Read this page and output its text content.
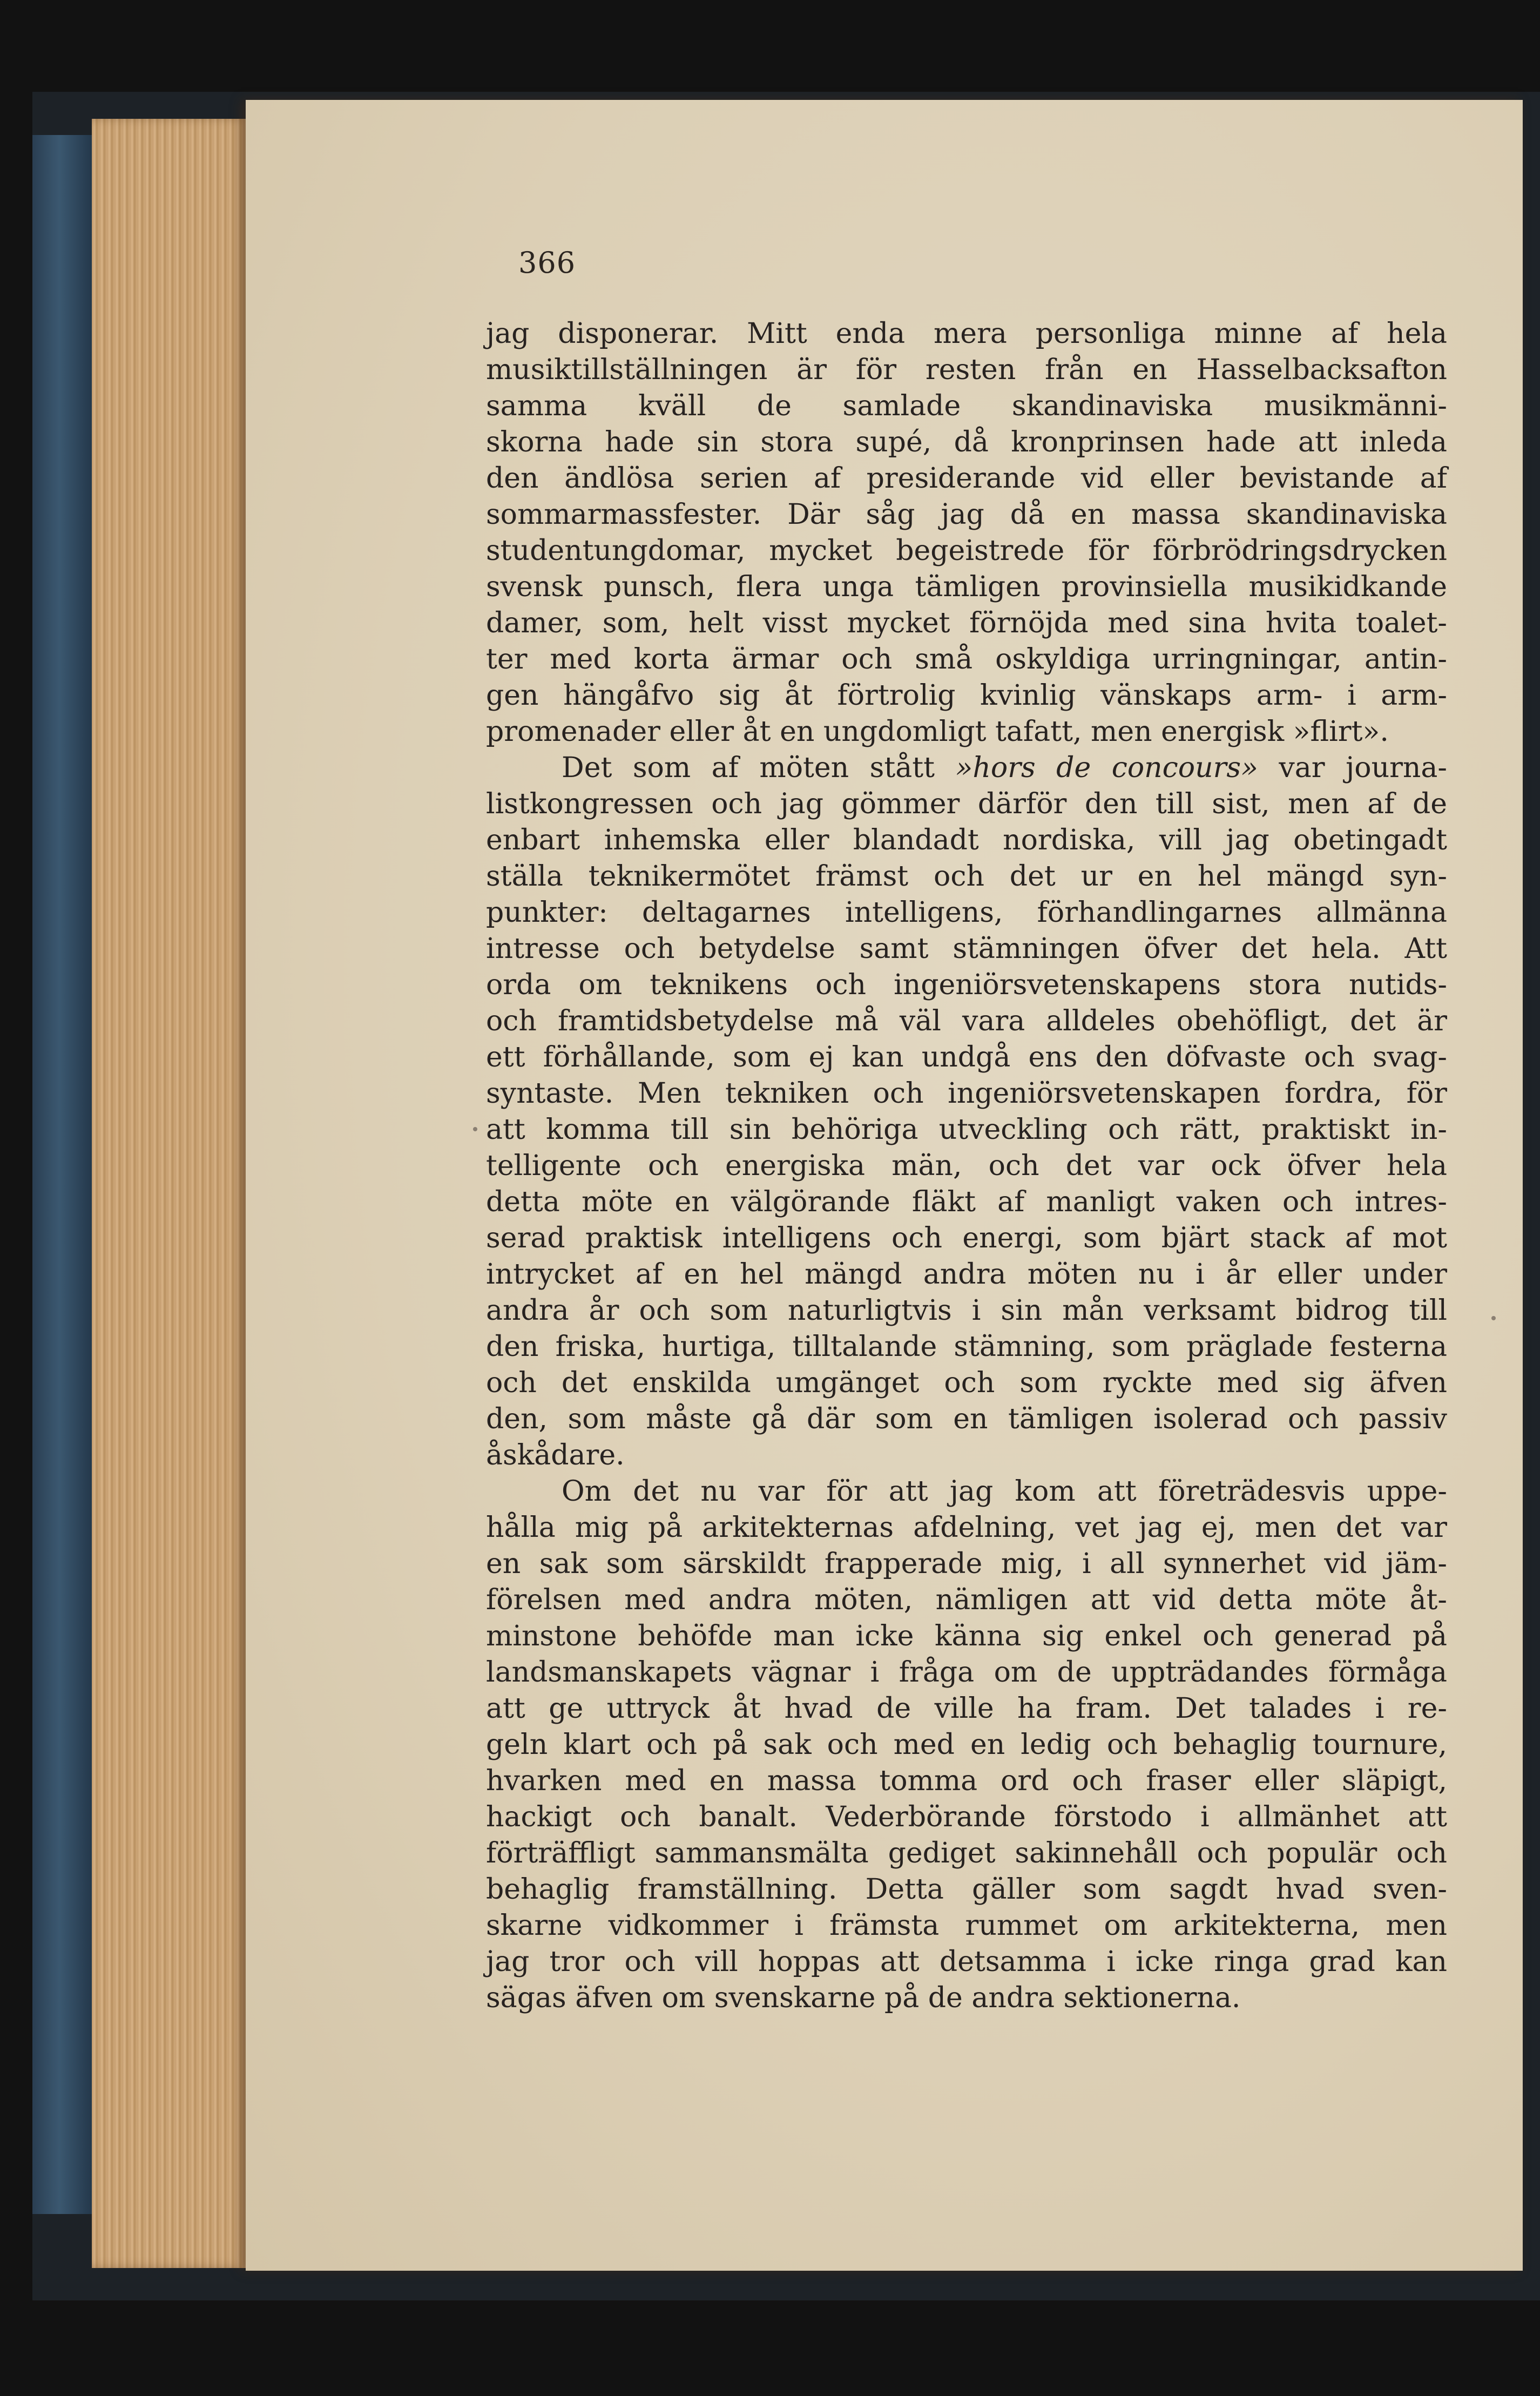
366
jag disponerar. Mitt enda mera personliga minne af hela
musiktillställningen är för resten från en Hasselbacksafton
samma kväll de samlade skandinaviska musikmänni-
skorna hade sin stora supé, då kronprinsen hade att inleda
den ändlösa serien af presiderande vid eller bevistande af
sommarmassfester. Där såg jag då en massa skandinaviska
studentungdomar, mycket begeistrede för förbrödringsdrycken
svensk punsch, flera unga tämligen provinsiella musikidkande
damer, som, helt visst mycket förnöjda med sina hvita toalet-
ter med korta ärmar och små oskyldiga urringningar, antin-
gen hängåfvo sig åt förtrolig kvinlig vänskaps arm- i arm-
promenader eller åt en ungdomligt tafatt, men energisk »flirt».
Det som af möten stått »hors de concours» var journa-
listkongressen och jag gömmer därför den till sist, men af de
enbart inhemska eller blandadt nordiska, vill jag obetingadt
ställa teknikermötet främst och det ur en hel mängd syn-
punkter: deltagarnes intelligens, förhandlingarnes allmänna
intresse och betydelse samt stämningen öfver det hela. Att
orda om teknikens och ingeniörsvetenskapens stora nutids-
och framtidsbetydelse må väl vara alldeles obehöfligt, det är
ett förhållande, som ej kan undgå ens den döfvaste och svag-
syntaste. Men tekniken och ingeniörsvetenskapen fordra, för
att komma till sin behöriga utveckling och rätt, praktiskt in-
telligente och energiska män, och det var ock öfver hela
detta möte en välgörande fläkt af manligt vaken och intres-
serad praktisk intelligens och energi, som bjärt stack af mot
intrycket af en hel mängd andra möten nu i år eller under
andra år och som naturligtvis i sin mån verksamt bidrog till
den friska, hurtiga, tilltalande stämning, som präglade festerna
och det enskilda umgänget och som ryckte med sig äfven
den, som måste gå där som en tämligen isolerad och passiv
åskådare.
Om det nu var för att jag kom att företrädesvis uppe-
hålla mig på arkitekternas afdelning, vet jag ej, men det var
en sak som särskildt frapperade mig, i all synnerhet vid jäm-
förelsen med andra möten, nämligen att vid detta möte åt-
minstone behöfde man icke känna sig enkel och generad på
landsmanskapets vägnar i fråga om de uppträdandes förmåga
att ge uttryck åt hvad de ville ha fram. Det talades i re-
geln klart och på sak och med en ledig och behaglig tournure,
hvarken med en massa tomma ord och fraser eller släpigt,
hackigt och banalt. Vederbörande förstodo i allmänhet att
förträffligt sammansmälta gediget sakinnehåll och populär och
behaglig framställning. Detta gäller som sagdt hvad sven-
skarne vidkommer i främsta rummet om arkitekterna, men
jag tror och vill hoppas att detsamma i icke ringa grad kan
sägas äfven om svenskarne på de andra sektionerna.
